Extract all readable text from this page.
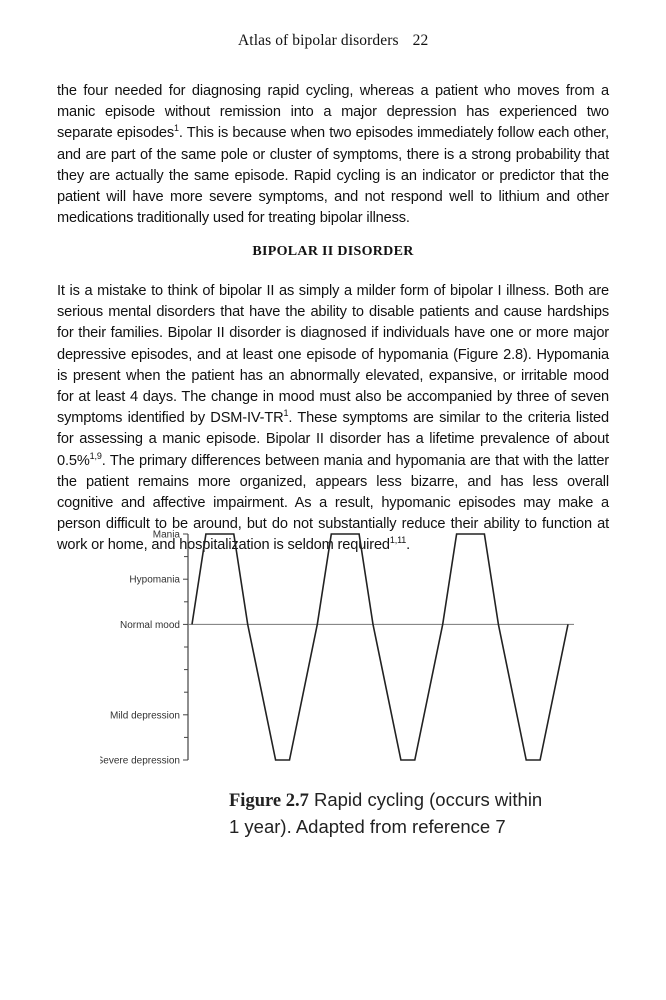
Atlas of bipolar disorders 22

the four needed for diagnosing rapid cycling, whereas a patient who moves from a manic episode without remission into a major depression has experienced two separate episodes$^1$. This is because when two episodes immediately follow each other, and are part of the same pole or cluster of symptoms, there is a strong probability that they are actually the same episode. Rapid cycling is an indicator or predictor that the patient will have more severe symptoms, and not respond well to lithium and other medications traditionally used for treating bipolar illness.

BIPOLAR II DISORDER

It is a mistake to think of bipolar II as simply a milder form of bipolar I illness. Both are serious mental disorders that have the ability to disable patients and cause hardships for their families. Bipolar II disorder is diagnosed if individuals have one or more major depressive episodes, and at least one episode of hypomania (Figure 2.8). Hypomania is present when the patient has an abnormally elevated, expansive, or irritable mood for at least 4 days. The change in mood must also be accompanied by three of seven symptoms identified by DSM-$IV-TR^1$. These symptoms are similar to the criteria listed for assessing a manic episode. Bipolar II disorder has a lifetime prevalence of about 0.5%$^{1,9}$. The primary differences between mania and hypomania are that with the latter the patient remains more organized, appears less bizarre, and has less overall cognitive and affective impairment. As a result, hypomanic episodes may make a person difficult to be around, but do not substantially reduce their ability to function at work or home, and hospitalization is seldom required$^{1,11}$.

Mania
Hypomania
Normal mood
Mild depression
Severe depression
Figure 2.7 Rapid cycling (occurs within 1 year). Adapted from reference 7
